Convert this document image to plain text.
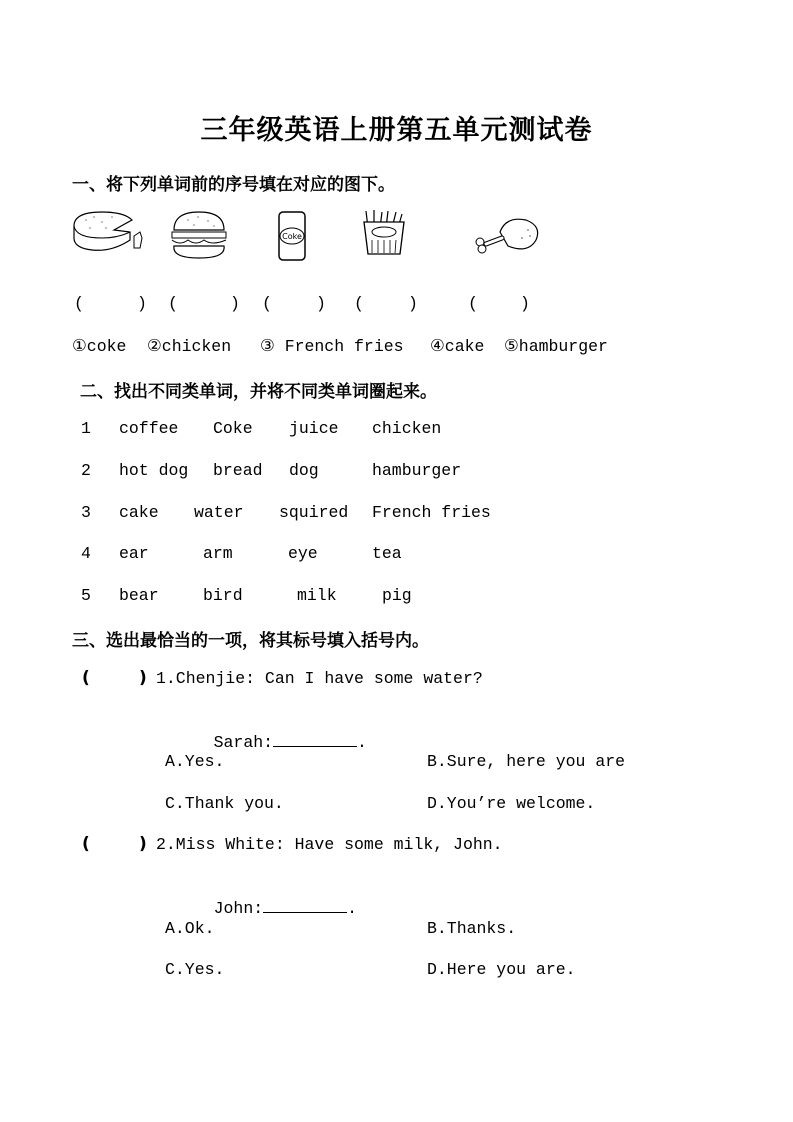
三年级英语上册第五单元测试卷
一、将下列单词前的序号填在对应的图下。
Coke
(	) (	) (	) (	)	(	)
①coke ②chicken ③ French fries ④cake ⑤hamburger
二、找出不同类单词，并将不同类单词圈起来。
1 coffee Coke juice chicken
2 hot dog bread dog	hamburger
3 cake water squired French fries
4 ear	arm	eye	tea
5 bear	bird	milk	pig
三、选出最恰当的一项，将其标号填入括号内。
(	) 1.Chenjie: Can I have some water?

Sarah:	.

A.Yes.	B.Sure, here you are
C.Thank you.	D.You’re welcome.
(	) 2.Miss White: Have some milk, John.

John:	.

A.Ok.	B.Thanks.
C.Yes.	D.Here you are.
